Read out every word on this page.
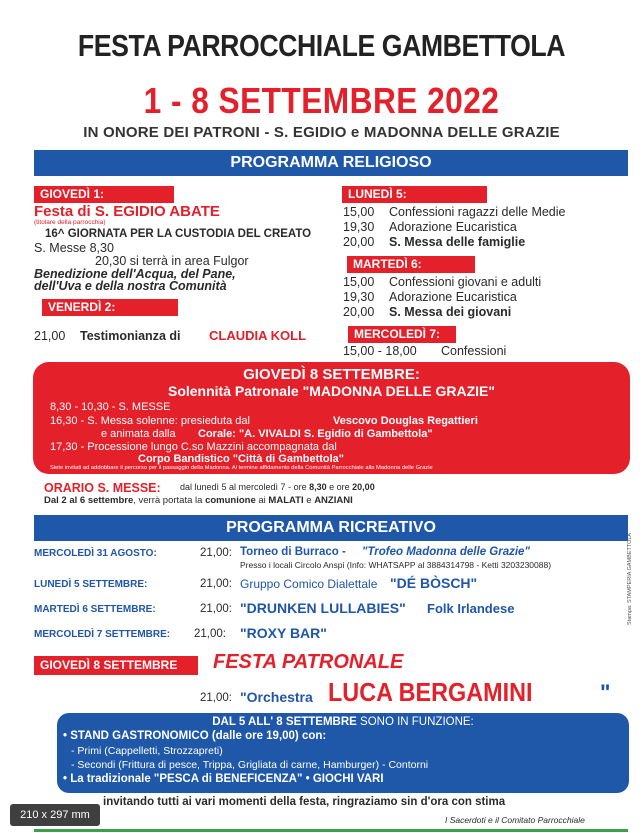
FESTA PARROCCHIALE GAMBETTOLA
1 - 8 SETTEMBRE 2022
IN ONORE DEI PATRONI - S. EGIDIO e MADONNA DELLE GRAZIE
PROGRAMMA RELIGIOSO
GIOVEDÌ 1:
Festa di S. EGIDIO ABATE
(titolare della parrocchia)
16^ GIORNATA PER LA CUSTODIA DEL CREATO
S. Messe 8,30
20,30 si terrà in area Fulgor
Benedizione dell'Acqua, del Pane,
dell'Uva e della nostra Comunità
VENERDÌ 2:
21,00 Testimonianza di CLAUDIA KOLL
LUNEDÌ 5:
15,00 Confessioni ragazzi delle Medie
19,30 Adorazione Eucaristica
20,00 S. Messa delle famiglie
MARTEDÌ 6:
15,00 Confessioni giovani e adulti
19,30 Adorazione Eucaristica
20,00 S. Messa dei giovani
MERCOLEDÌ 7:
15,00 - 18,00 Confessioni
GIOVEDÌ 8 SETTEMBRE:
Solennità Patronale "MADONNA DELLE GRAZIE"
8,30 - 10,30 - S. MESSE
16,30 - S. Messa solenne: presieduta dal	Vescovo Douglas Regattieri
e animata dalla Corale: "A. VIVALDI S. Egidio di Gambettola"
17,30 - Processione lungo C.so Mazzini accompagnata dal
Corpo Bandistico "Città di Gambettola"
Siete invitati ad addobbare il percorso per il passaggio della Madonna. Al termine affidamento della Comunità Parrocchiale alla Madonna delle Grazie
ORARIO S. MESSE: dal lunedì 5 al mercoledì 7 - ore 8,30 e ore 20,00
Dal 2 al 6 settembre, verrà portata la comunione ai MALATI e ANZIANI
PROGRAMMA RICREATIVO
MERCOLEDÌ 31 AGOSTO:	21,00: Torneo di Burraco - "Trofeo Madonna delle Grazie"
Presso i locali Circolo Anspi (Info: WHATSAPP al 3884314798 - Ketti 3203230088)
LUNEDÌ 5 SETTEMBRE:	21,00: Gruppo Comico Dialettale "DÉ BÒSCH"
MARTEDÌ 6 SETTEMBRE:	21,00: "DRUNKEN LULLABIES" Folk Irlandese
MERCOLEDÌ 7 SETTEMBRE: 21,00: "ROXY BAR"
GIOVEDÌ 8 SETTEMBRE	FESTA PATRONALE
21,00: "Orchestra LUCA BERGAMINI	"
DAL 5 ALL' 8 SETTEMBRE SONO IN FUNZIONE:
• STAND GASTRONOMICO (dalle ore 19,00) con:
- Primi (Cappelletti, Strozzapreti)
- Secondi (Frittura di pesce, Trippa, Grigliata di carne, Hamburger) - Contorni
• La tradizionale "PESCA di BENEFICENZA" • GIOCHI VARI
invitando tutti ai vari momenti della festa, ringraziamo sin d'ora con stima
I Sacerdoti e il Comitato Parrocchiale
210 x 297 mm
Stampa: STAMPERIA GAMBETTOLA
